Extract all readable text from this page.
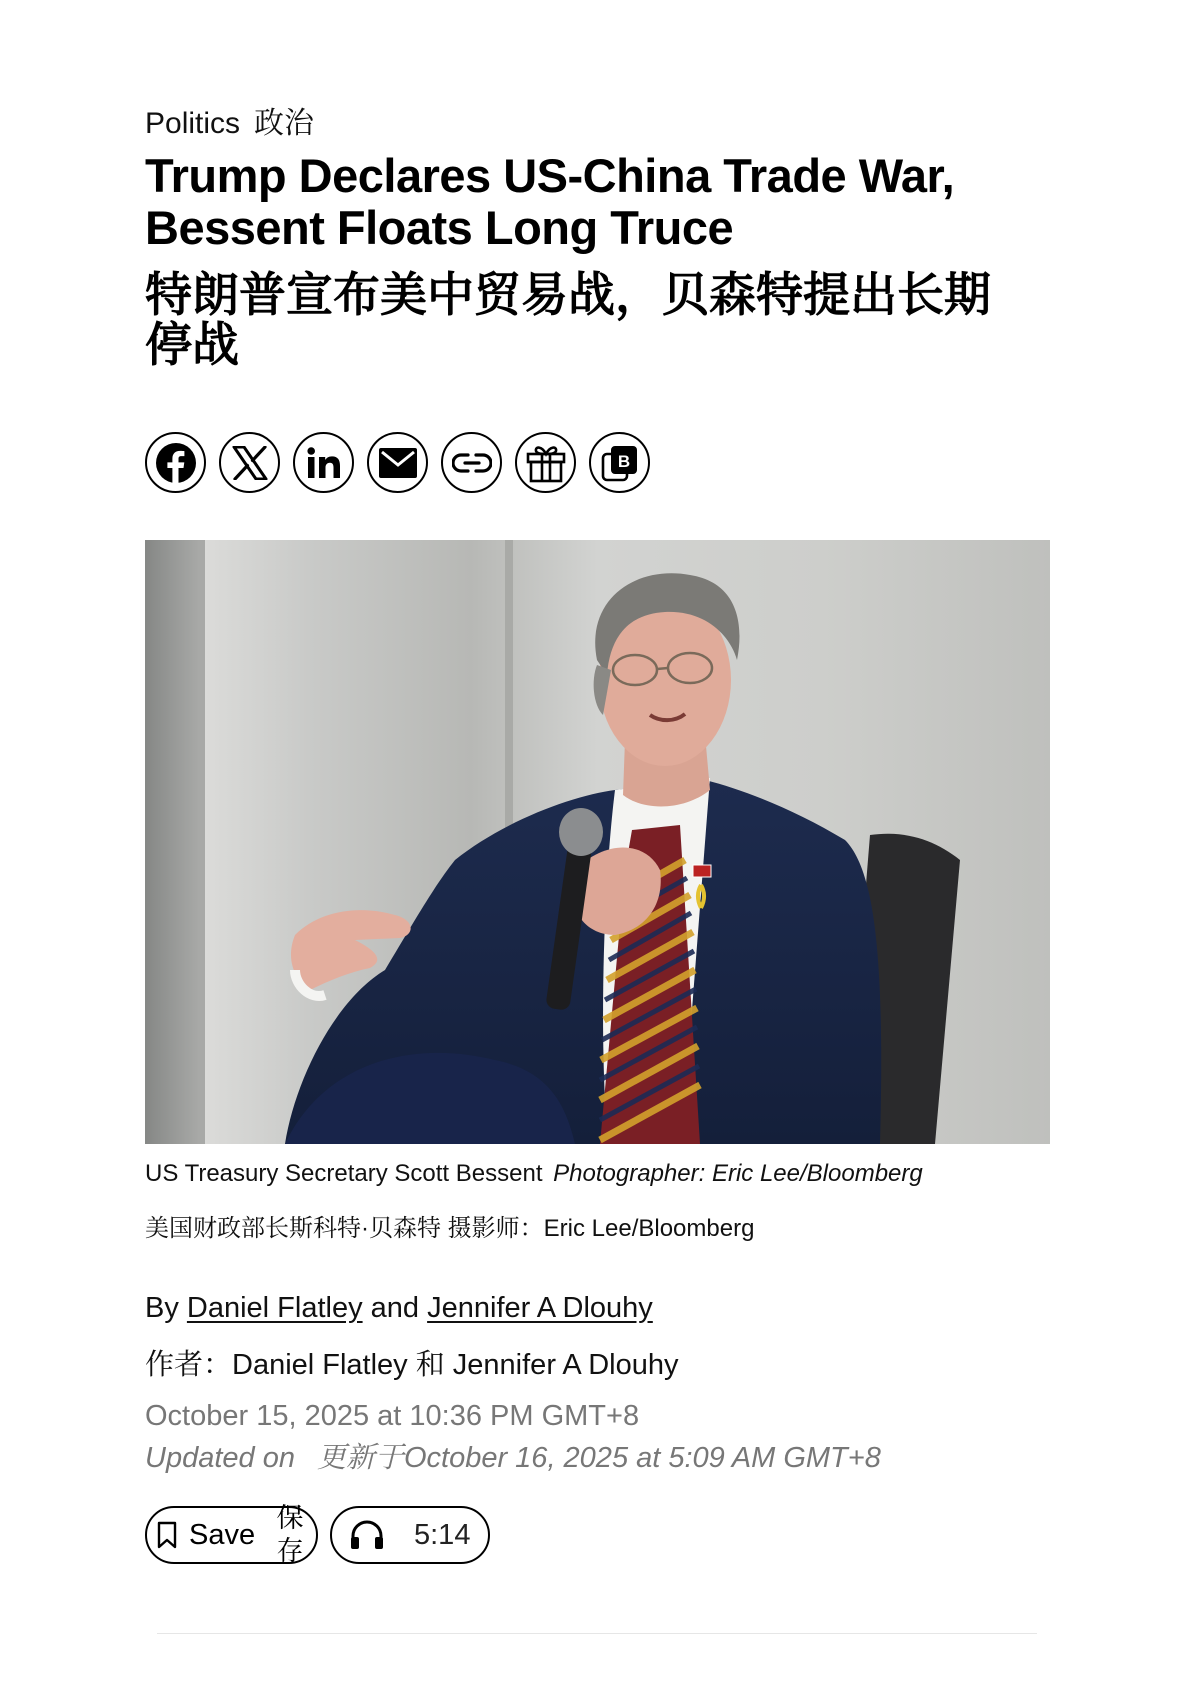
Politics 政治
Trump Declares US-China Trade War, Bessent Floats Long Truce
特朗普宣布美中贸易战，贝森特提出长期停战
B
US Treasury Secretary Scott Bessent Photographer: Eric Lee/Bloomberg
美国财政部长斯科特·贝森特 摄影师：Eric Lee/Bloomberg
By Daniel Flatley and Jennifer A Dlouhy
作者：Daniel Flatley 和 Jennifer A Dlouhy
October 15, 2025 at 10:36 PM GMT+8
Updated on 更新于October 16, 2025 at 5:09 AM GMT+8
Save
保存
5:14
